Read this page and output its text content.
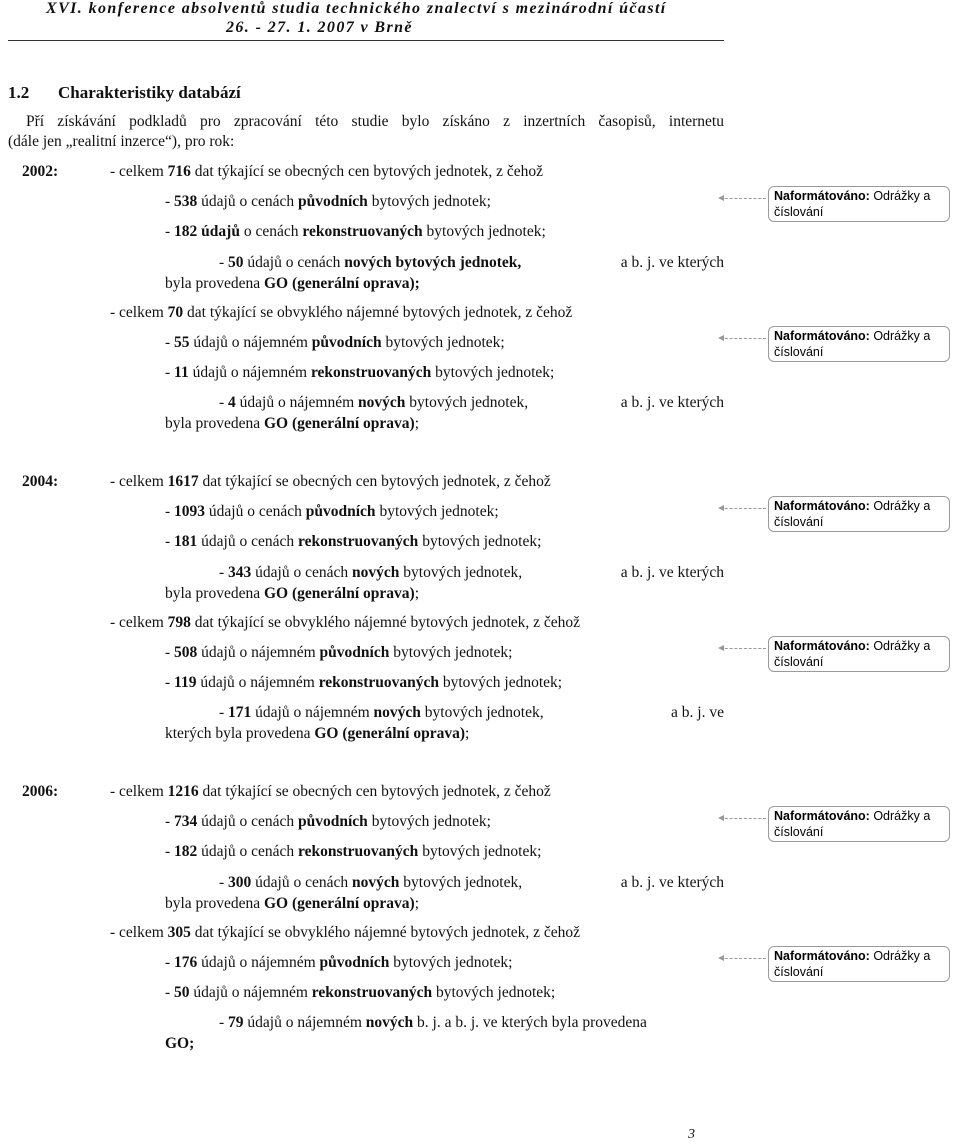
XVI. konference absolventů studia technického znalectví s mezinárodní účastí
26. - 27. 1. 2007 v Brně
1.2 Charakteristiky databází
Pří získávání podkladů pro zpracování této studie bylo získáno z inzertních časopisů, internetu
(dále jen „realitní inzerce“), pro rok:
2002:	- celkem 716 dat týkající se obecných cen bytových jednotek, z čehož
- 538 údajů o cenách původních bytových jednotek;
- 182 údajů o cenách rekonstruovaných bytových jednotek;
- 50 údajů o cenách nových bytových jednotek,	a b. j. ve kterých
byla provedena GO (generální oprava);
- celkem 70 dat týkající se obvyklého nájemné bytových jednotek, z čehož
- 55 údajů o nájemném původních bytových jednotek;
- 11 údajů o nájemném rekonstruovaných bytových jednotek;
- 4 údajů o nájemném nových bytových jednotek,	a b. j. ve kterých
byla provedena GO (generální oprava);
2004:	- celkem 1617 dat týkající se obecných cen bytových jednotek, z čehož
- 1093 údajů o cenách původních bytových jednotek;
- 181 údajů o cenách rekonstruovaných bytových jednotek;
- 343 údajů o cenách nových bytových jednotek,	a b. j. ve kterých
byla provedena GO (generální oprava);
- celkem 798 dat týkající se obvyklého nájemné bytových jednotek, z čehož
- 508 údajů o nájemném původních bytových jednotek;
- 119 údajů o nájemném rekonstruovaných bytových jednotek;
- 171 údajů o nájemném nových bytových jednotek,	a b. j. ve
kterých byla provedena GO (generální oprava);
2006:	- celkem 1216 dat týkající se obecných cen bytových jednotek, z čehož
- 734 údajů o cenách původních bytových jednotek;
- 182 údajů o cenách rekonstruovaných bytových jednotek;
- 300 údajů o cenách nových bytových jednotek,	a b. j. ve kterých
byla provedena GO (generální oprava);
- celkem 305 dat týkající se obvyklého nájemné bytových jednotek, z čehož
- 176 údajů o nájemném původních bytových jednotek;
- 50 údajů o nájemném rekonstruovaných bytových jednotek;
- 79 údajů o nájemném nových b. j. a b. j. ve kterých byla provedena
GO;
Naformátováno: Odrážky a
číslování
Naformátováno: Odrážky a
číslování
Naformátováno: Odrážky a
číslování
Naformátováno: Odrážky a
číslování
Naformátováno: Odrážky a
číslování
Naformátováno: Odrážky a
číslování
3
